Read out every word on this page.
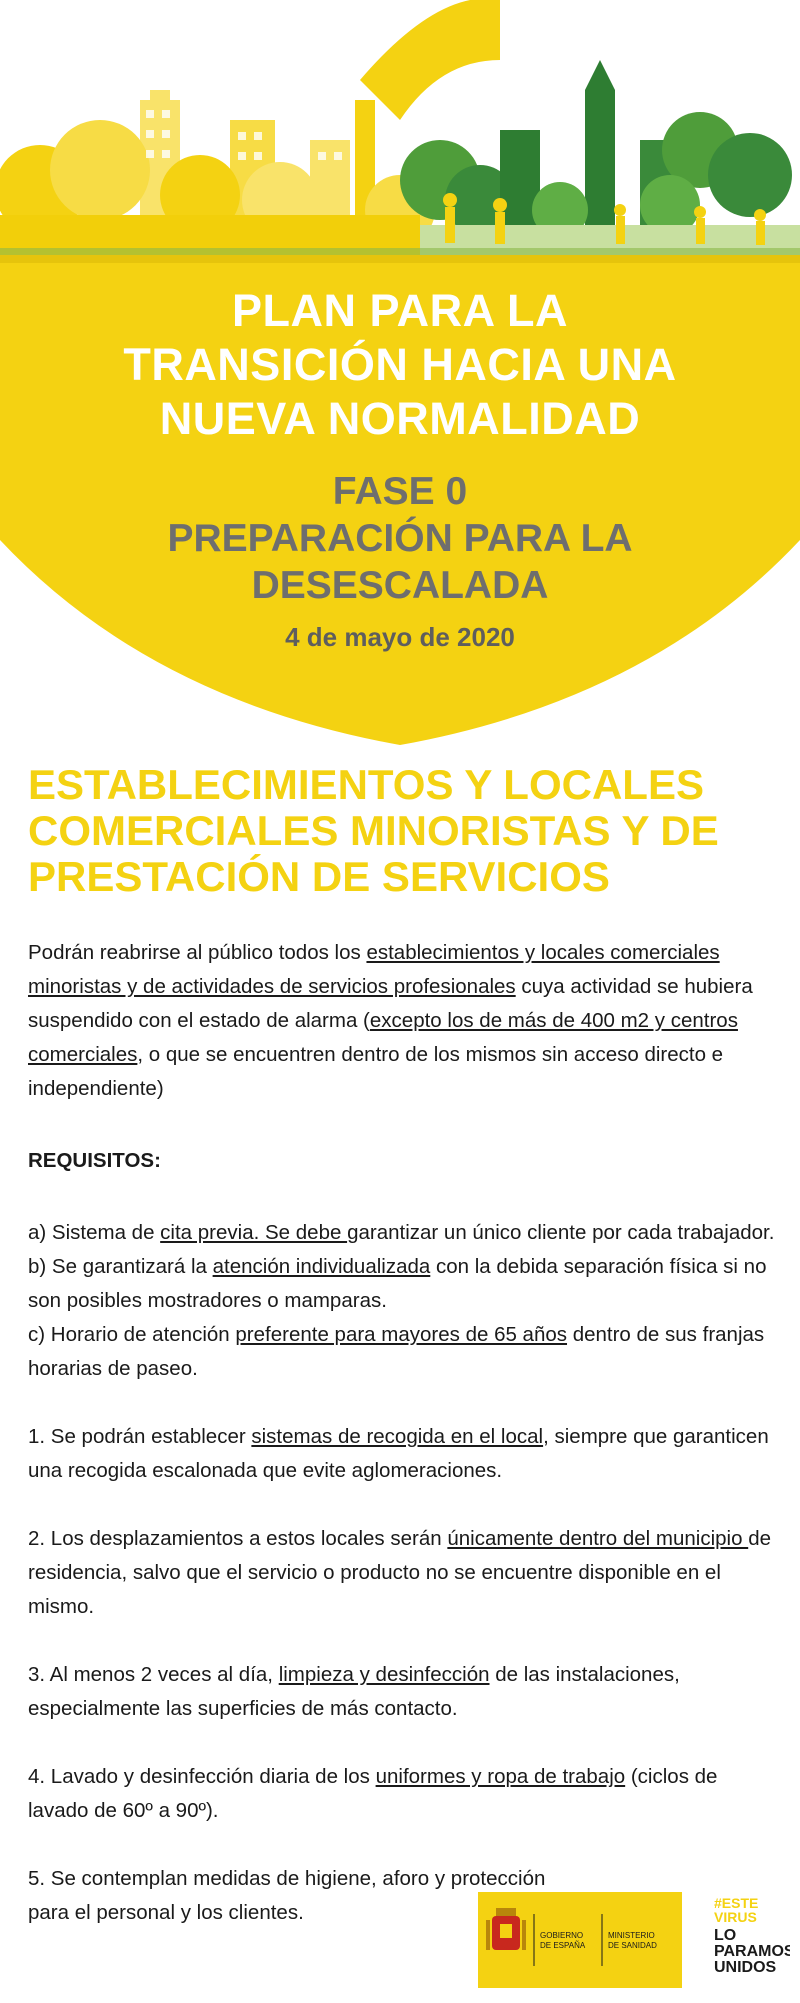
PLAN PARA LA
TRANSICIÓN HACIA UNA
NUEVA NORMALIDAD
FASE 0
PREPARACIÓN PARA LA
DESESCALADA

4 de mayo de 2020

ESTABLECIMIENTOS Y LOCALES
COMERCIALES MINORISTAS Y DE
PRESTACIÓN DE SERVICIOS

Podrán reabrirse al público todos los establecimientos y locales comerciales minoristas y de actividades de servicios profesionales cuya actividad se hubiera suspendido con el estado de alarma (excepto los de más de 400 m2 y centros comerciales, o que se encuentren dentro de los mismos sin acceso directo e independiente)

REQUISITOS:

a) Sistema de cita previa. Se debe garantizar un único cliente por cada trabajador.

b) Se garantizará la atención individualizada con la debida separación física si no son posibles mostradores o mamparas.

c) Horario de atención preferente para mayores de 65 años dentro de sus franjas horarias de paseo.

1. Se podrán establecer sistemas de recogida en el local, siempre que garanticen una recogida escalonada que evite aglomeraciones.

2. Los desplazamientos a estos locales serán únicamente dentro del municipio de residencia, salvo que el servicio o producto no se encuentre disponible en el mismo.

3. Al menos 2 veces al día, limpieza y desinfección de las instalaciones, especialmente las superficies de más contacto.

4. Lavado y desinfección diaria de los uniformes y ropa de trabajo (ciclos de lavado de 60º a 90º).

5. Se contemplan medidas de higiene, aforo y protección para el personal y los clientes.

GOBIERNO
DE ESPAÑA
MINISTERIO
DE SANIDAD
#ESTE
VIRUS
LO
PARAMOS
UNIDOS
